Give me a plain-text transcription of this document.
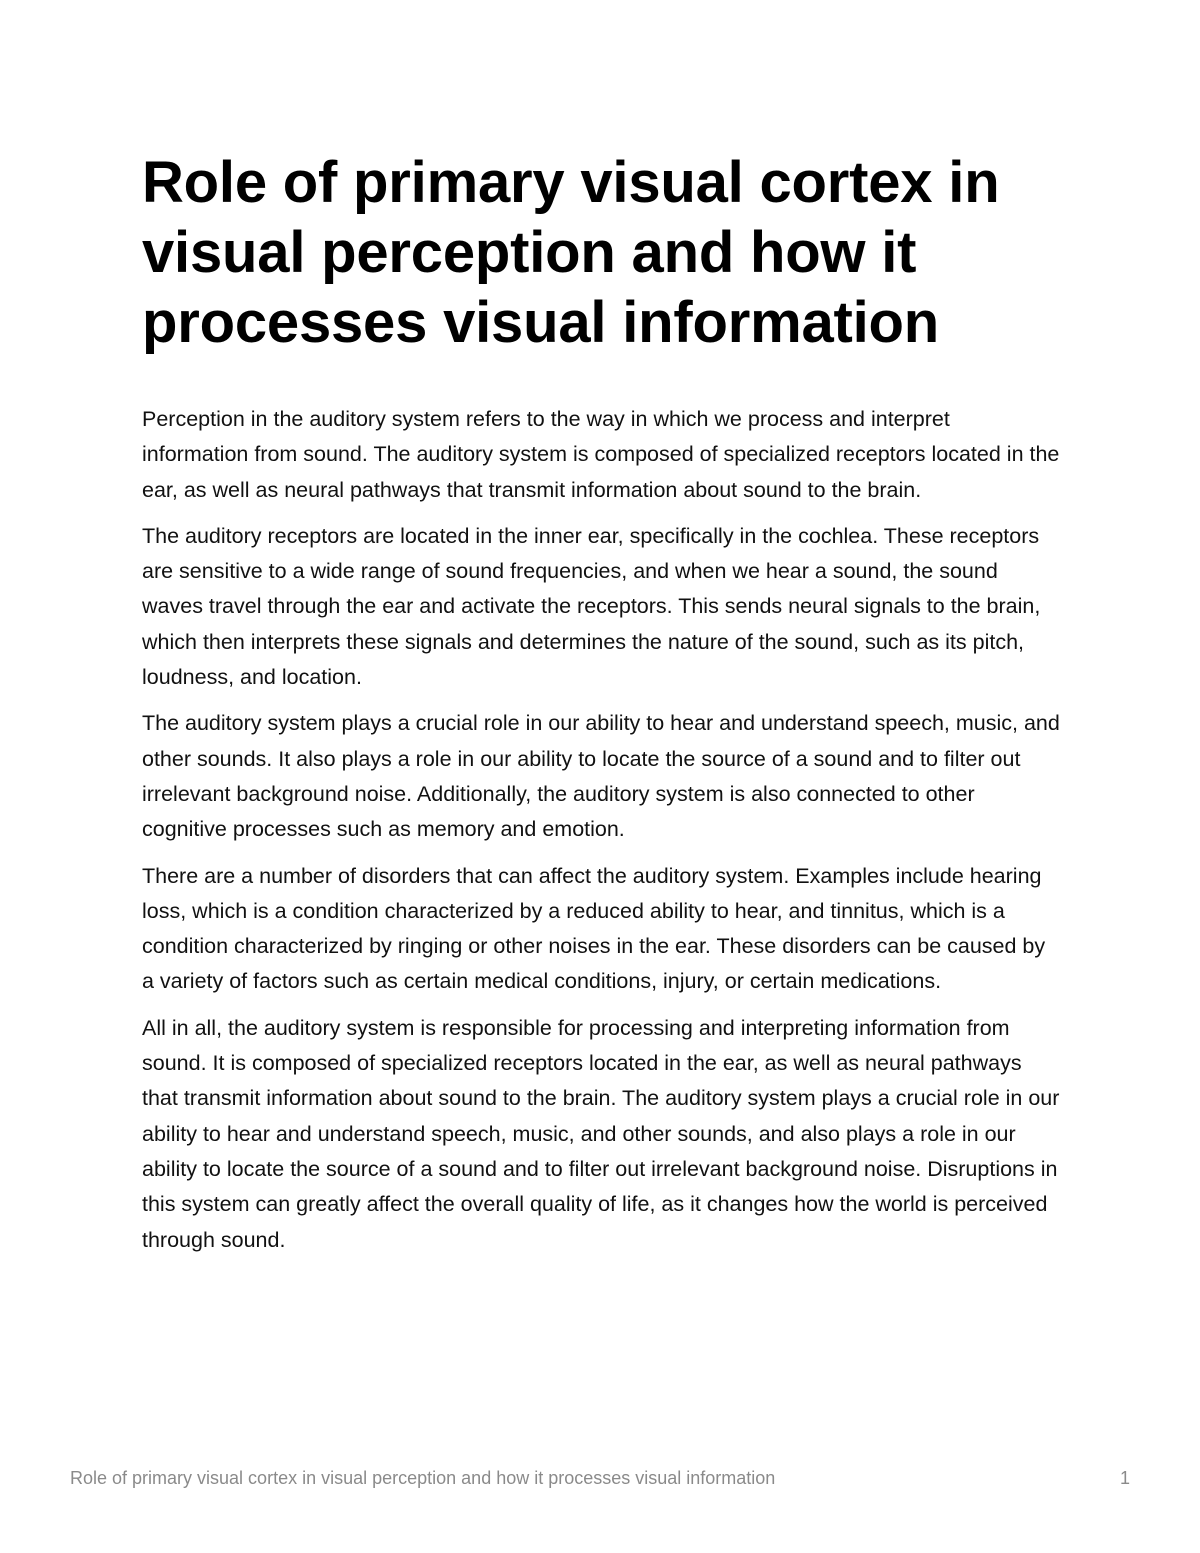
Role of primary visual cortex in visual perception and how it processes visual information

Perception in the auditory system refers to the way in which we process and interpret information from sound. The auditory system is composed of specialized receptors located in the ear, as well as neural pathways that transmit information about sound to the brain.

The auditory receptors are located in the inner ear, specifically in the cochlea. These receptors are sensitive to a wide range of sound frequencies, and when we hear a sound, the sound waves travel through the ear and activate the receptors. This sends neural signals to the brain, which then interprets these signals and determines the nature of the sound, such as its pitch, loudness, and location.

The auditory system plays a crucial role in our ability to hear and understand speech, music, and other sounds. It also plays a role in our ability to locate the source of a sound and to filter out irrelevant background noise. Additionally, the auditory system is also connected to other cognitive processes such as memory and emotion.

There are a number of disorders that can affect the auditory system. Examples include hearing loss, which is a condition characterized by a reduced ability to hear, and tinnitus, which is a condition characterized by ringing or other noises in the ear. These disorders can be caused by a variety of factors such as certain medical conditions, injury, or certain medications.

All in all, the auditory system is responsible for processing and interpreting information from sound. It is composed of specialized receptors located in the ear, as well as neural pathways that transmit information about sound to the brain. The auditory system plays a crucial role in our ability to hear and understand speech, music, and other sounds, and also plays a role in our ability to locate the source of a sound and to filter out irrelevant background noise. Disruptions in this system can greatly affect the overall quality of life, as it changes how the world is perceived through sound.

Role of primary visual cortex in visual perception and how it processes visual information	1
